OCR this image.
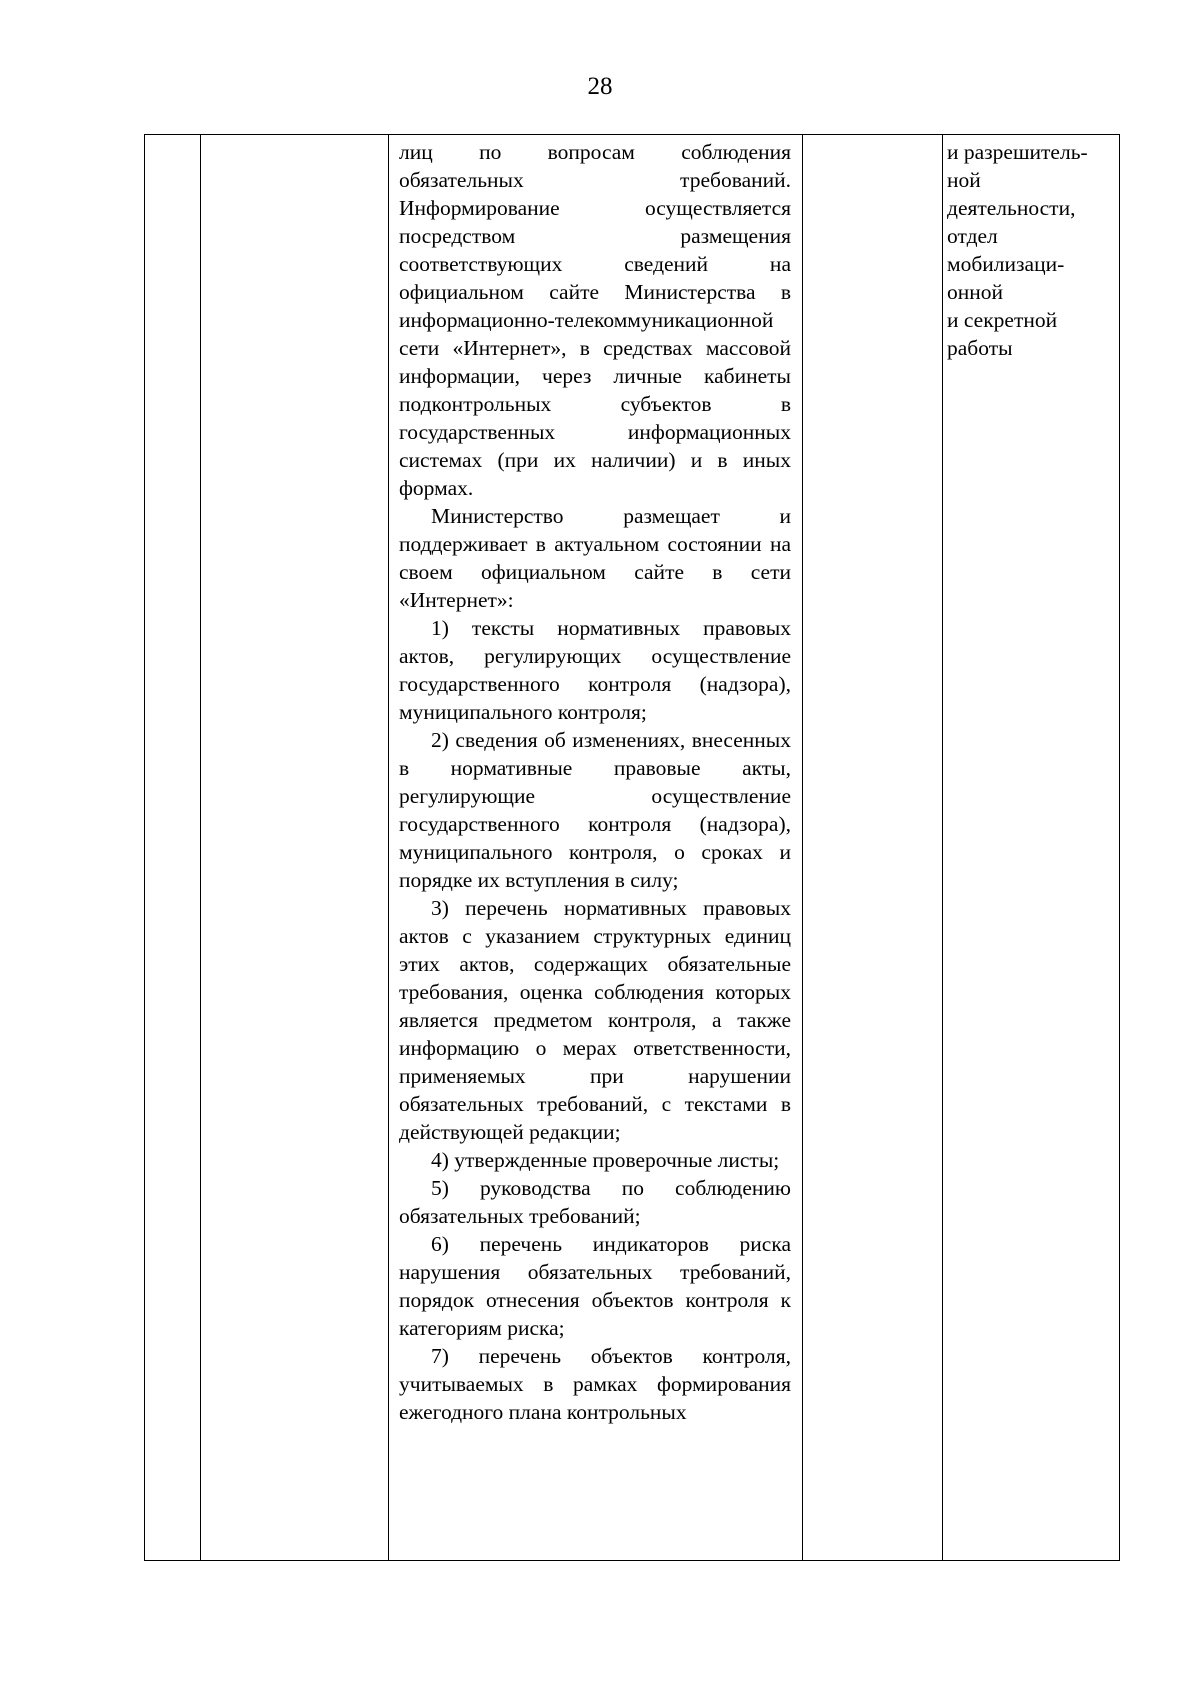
28

лиц по вопросам соблюдения обязательных требований. Информирование осуществляется посредством размещения соответствующих сведений на официальном сайте Министерства в информационно-телекоммуникационной сети «Интернет», в средствах массовой информации, через личные кабинеты подконтрольных субъектов в государственных информационных системах (при их наличии) и в иных формах.

Министерство размещает и поддерживает в актуальном состоянии на своем официальном сайте в сети «Интернет»:

1) тексты нормативных правовых актов, регулирующих осуществление государственного контроля (надзора), муниципального контроля;

2) сведения об изменениях, внесенных в нормативные правовые акты, регулирующие осуществление государственного контроля (надзора), муниципального контроля, о сроках и порядке их вступления в силу;

3) перечень нормативных правовых актов с указанием структурных единиц этих актов, содержащих обязательные требования, оценка соблюдения которых является предметом контроля, а также информацию о мерах ответственности, применяемых при нарушении обязательных требований, с текстами в действующей редакции;

4) утвержденные проверочные листы;

5) руководства по соблюдению обязательных требований;

6) перечень индикаторов риска нарушения обязательных требований, порядок отнесения объектов контроля к категориям риска;

7) перечень объектов контроля, учитываемых в рамках формирования ежегодного плана контрольных

и разрешитель-
ной
деятельности,
отдел
мобилизаци-
онной
и секретной
работы
